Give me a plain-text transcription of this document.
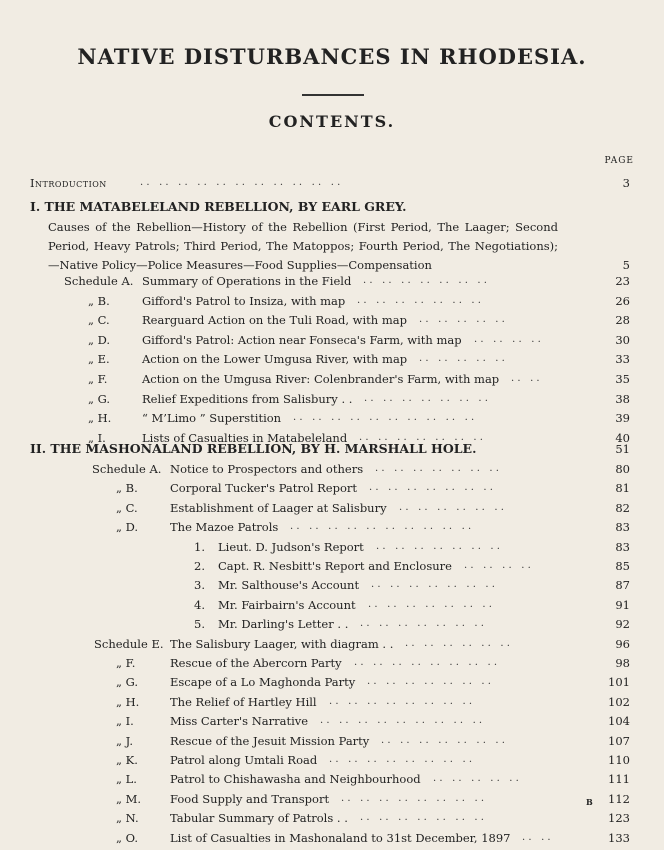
NATIVE DISTURBANCES IN RHODESIA.
CONTENTS.
PAGE
Introduction	. .   . .   . .   . .   . .   . .   . .   . .   . .   . .   . .	3
I. THE MATABELELAND REBELLION, BY EARL GREY.
Causes of the Rebellion—History of the Rebellion (First Period, The Laager; Second Period, Heavy Patrols; Third Period, The Matoppos; Fourth Period, The Negotiations);—Native Policy—Police Measures—Food Supplies—Compensation	5
Schedule A. Summary of Operations in the Field . .   . .   . .   . .   . .   . .   . .	23
„ B.	Gifford's Patrol to Insiza, with map . .   . .   . .   . .   . .   . .   . .	26
„ C.	Rearguard Action on the Tuli Road, with map . .   . .   . .   . .   . .	28
„ D.	Gifford's Patrol: Action near Fonseca's Farm, with map . .   . .   . .   . .	30
„ E.	Action on the Lower Umgusa River, with map . .   . .   . .   . .   . .	33
„ F.	Action on the Umgusa River: Colenbrander's Farm, with map . .   . .	35
„ G.	Relief Expeditions from Salisbury . . . .   . .   . .   . .   . .   . .   . .	38
„ H.	“ M’Limo ” Superstition . .   . .   . .   . .   . .   . .   . .   . .   . .   . .	39
„ I.	Lists of Casualties in Matabeleland . .   . .   . .   . .   . .   . .   . .	40
II. THE MASHONALAND REBELLION, BY H. MARSHALL HOLE.	51
Schedule A. Notice to Prospectors and others . .   . .   . .   . .   . .   . .   . .	80
„ B.	Corporal Tucker's Patrol Report . .   . .   . .   . .   . .   . .   . .	81
„ C.	Establishment of Laager at Salisbury . .   . .   . .   . .   . .   . .	82
„ D.	The Mazoe Patrols . .   . .   . .   . .   . .   . .   . .   . .   . .   . .	83
1. Lieut. D. Judson's Report . .   . .   . .   . .   . .   . .   . .	83
2. Capt. R. Nesbitt's Report and Enclosure . .   . .   . .   . .	85
3. Mr. Salthouse's Account . .   . .   . .   . .   . .   . .   . .	87
4. Mr. Fairbairn's Account . .   . .   . .   . .   . .   . .   . .	91
5. Mr. Darling's Letter . . . .   . .   . .   . .   . .   . .   . .	92
Schedule E. The Salisbury Laager, with diagram . . . .   . .   . .   . .   . .   . .	96
„ F.	Rescue of the Abercorn Party . .   . .   . .   . .   . .   . .   . .   . .	98
„ G.	Escape of a Lo Maghonda Party . .   . .   . .   . .   . .   . .   . .	101
„ H.	The Relief of Hartley Hill . .   . .   . .   . .   . .   . .   . .   . .	102
„ I.	Miss Carter's Narrative . .   . .   . .   . .   . .   . .   . .   . .   . .	104
„ J.	Rescue of the Jesuit Mission Party . .   . .   . .   . .   . .   . .   . .	107
„ K.	Patrol along Umtali Road . .   . .   . .   . .   . .   . .   . .   . .	110
„ L.	Patrol to Chishawasha and Neighbourhood . .   . .   . .   . .   . .	111
„ M.	Food Supply and Transport . .   . .   . .   . .   . .   . .   . .   . .	112
„ N.	Tabular Summary of Patrols . . . .   . .   . .   . .   . .   . .   . .	123
„ O.	List of Casualties in Mashonaland to 31st December, 1897 . .   . .	133
B
